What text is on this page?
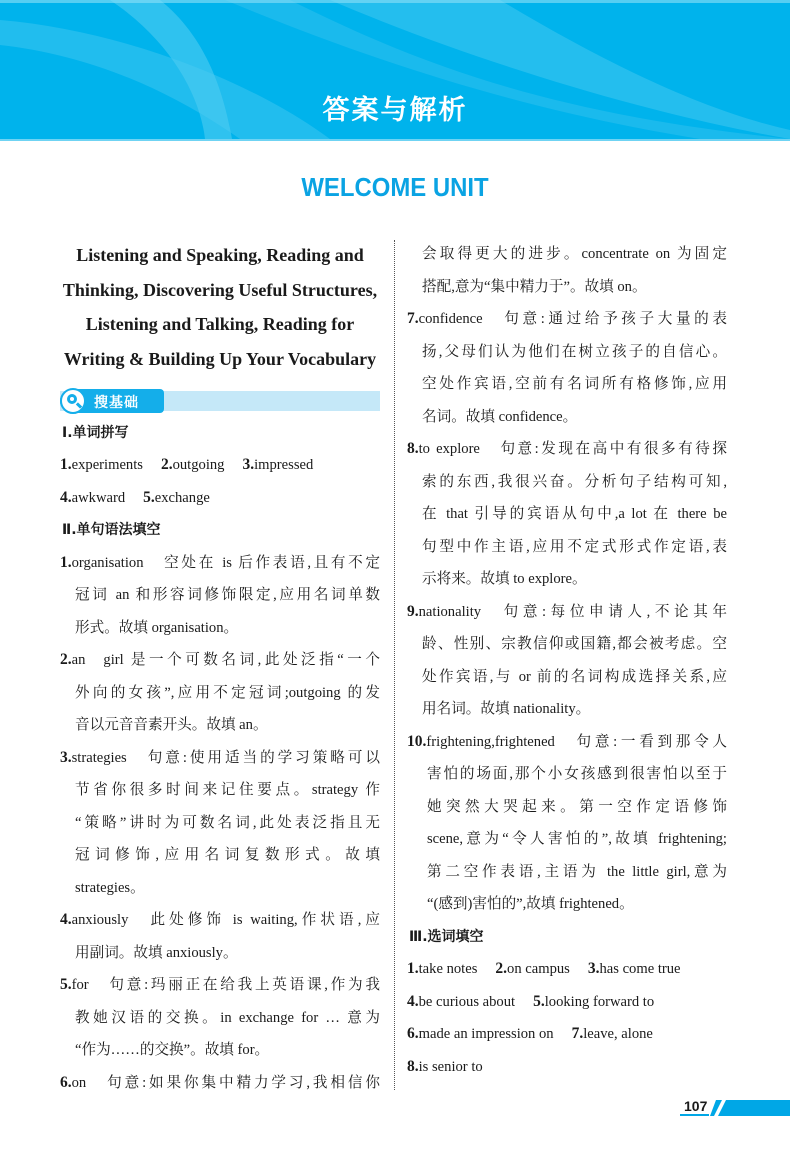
答案与解析
WELCOME UNIT
Listening and Speaking, Reading and
Thinking, Discovering Useful Structures,
Listening and Talking, Reading for
Writing & Building Up Your Vocabulary
搜基础

Ⅰ.单词拼写

1.experiments 2.outgoing 3.impressed

4.awkward 5.exchange

Ⅱ.单句语法填空

1.organisation 空处在 is 后作表语,且有不定

冠词 an 和形容词修饰限定,应用名词单数

形式。故填 organisation。

2.an girl 是一个可数名词,此处泛指“一个

外向的女孩”,应用不定冠词;outgoing 的发

音以元音音素开头。故填 an。

3.strategies 句意:使用适当的学习策略可以

节省你很多时间来记住要点。strategy 作

“策略”讲时为可数名词,此处表泛指且无

冠词修饰,应用名词复数形式。故填

strategies。

4.anxiously 此处修饰 is waiting,作状语,应

用副词。故填 anxiously。

5.for 句意:玛丽正在给我上英语课,作为我

教她汉语的交换。in exchange for … 意为

“作为……的交换”。故填 for。

6.on 句意:如果你集中精力学习,我相信你

会取得更大的进步。concentrate on 为固定

搭配,意为“集中精力于”。故填 on。

7.confidence 句意:通过给予孩子大量的表

扬,父母们认为他们在树立孩子的自信心。

空处作宾语,空前有名词所有格修饰,应用

名词。故填 confidence。

8.to explore 句意:发现在高中有很多有待探

索的东西,我很兴奋。分析句子结构可知,

在 that 引导的宾语从句中,a lot 在 there be

句型中作主语,应用不定式形式作定语,表

示将来。故填 to explore。

9.nationality 句意:每位申请人,不论其年

龄、性别、宗教信仰或国籍,都会被考虑。空

处作宾语,与 or 前的名词构成选择关系,应

用名词。故填 nationality。

10.frightening,frightened 句意:一看到那令人

害怕的场面,那个小女孩感到很害怕以至于

她突然大哭起来。第一空作定语修饰

scene,意为“令人害怕的”,故填 frightening;

第二空作表语,主语为 the little girl,意为

“(感到)害怕的”,故填 frightened。

Ⅲ.选词填空

1.take notes 2.on campus 3.has come true

4.be curious about 5.looking forward to

6.made an impression on 7.leave, alone

8.is senior to

107
